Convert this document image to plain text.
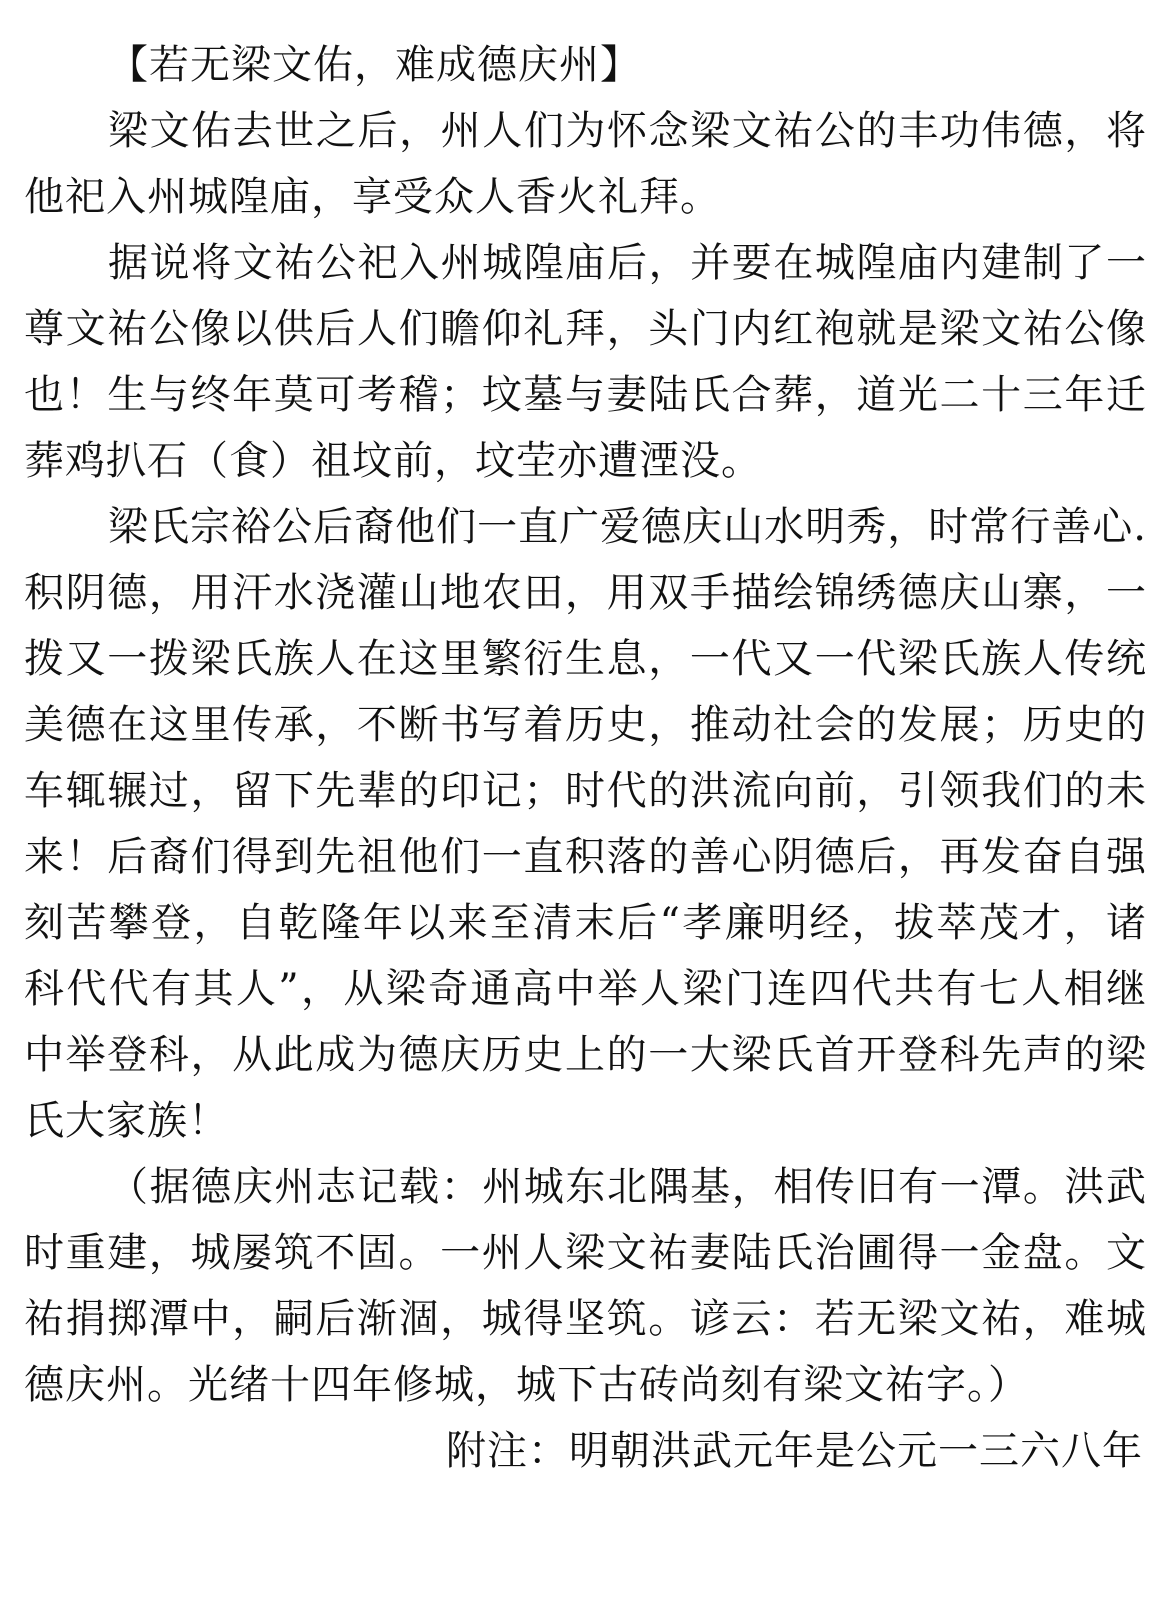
【若无梁文佑，难成德庆州】

梁文佑去世之后，州人们为怀念梁文祐公的丰功伟德，将他祀入州城隍庙，享受众人香火礼拜。

据说将文祐公祀入州城隍庙后，并要在城隍庙内建制了一尊文祐公像以供后人们瞻仰礼拜，头门内红袍就是梁文祐公像也！生与终年莫可考稽；坟墓与妻陆氏合葬，道光二十三年迁葬鸡扒石（食）祖坟前，坟茔亦遭湮没。

梁氏宗裕公后裔他们一直广爱德庆山水明秀，时常行善心.积阴德，用汗水浇灌山地农田，用双手描绘锦绣德庆山寨，一拨又一拨梁氏族人在这里繁衍生息，一代又一代梁氏族人传统美德在这里传承，不断书写着历史，推动社会的发展；历史的车辄辗过，留下先辈的印记；时代的洪流向前，引领我们的未来！后裔们得到先祖他们一直积落的善心阴德后，再发奋自强刻苦攀登，自乾隆年以来至清末后“孝廉明经，拔萃茂才，诸科代代有其人”，从梁奇通高中举人梁门连四代共有七人相继中举登科，从此成为德庆历史上的一大梁氏首开登科先声的梁氏大家族！

（据德庆州志记载：州城东北隅基，相传旧有一潭。洪武时重建，城屡筑不固。一州人梁文祐妻陆氏治圃得一金盘。文祐捐掷潭中，嗣后渐涸，城得坚筑。谚云：若无梁文祐，难城德庆州。光绪十四年修城，城下古砖尚刻有梁文祐字。）

附注：明朝洪武元年是公元一三六八年
